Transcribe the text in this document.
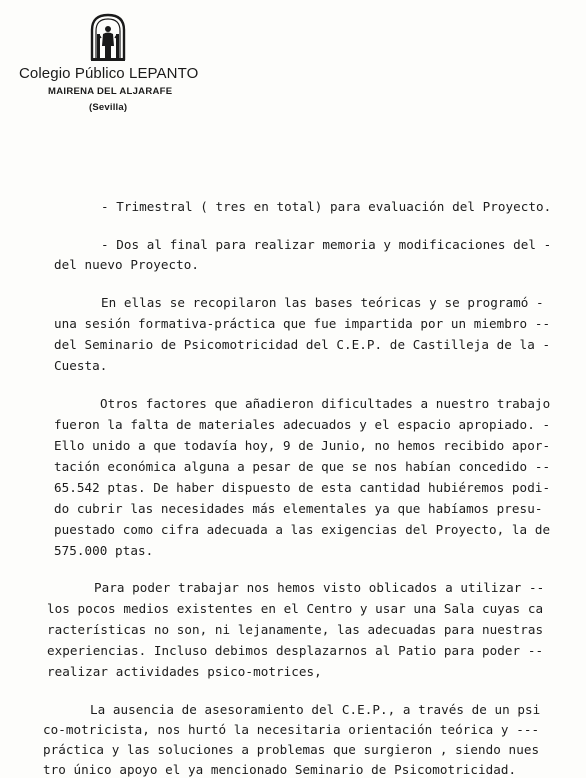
Colegio Público LEPANTO
MAIRENA DEL ALJARAFE
(Sevilla)
- Trimestral ( tres en total) para evaluación del Proyecto.
- Dos al final para realizar memoria y modificaciones del -
del nuevo Proyecto.
En ellas se recopilaron las bases teóricas y se programó -
una sesión formativa-práctica que fue impartida por un miembro --
del Seminario de Psicomotricidad del C.E.P. de Castilleja de la -
Cuesta.
Otros factores que añadieron dificultades a nuestro trabajo
fueron la falta de materiales adecuados y el espacio apropiado. -
Ello unido a que todavía hoy, 9 de Junio, no hemos recibido apor-
tación económica alguna a pesar de que se nos habían concedido --
65.542 ptas. De haber dispuesto de esta cantidad hubiéremos podi-
do cubrir las necesidades más elementales ya que habíamos presu-
puestado como cifra adecuada a las exigencias del Proyecto, la de
575.000 ptas.
Para poder trabajar nos hemos visto oblicados a utilizar --
los pocos medios existentes en el Centro y usar una Sala cuyas ca
racterísticas no son, ni lejanamente, las adecuadas para nuestras
experiencias. Incluso debimos desplazarnos al Patio para poder --
realizar actividades psico-motrices,
La ausencia de asesoramiento del C.E.P., a través de un psi
co-motricista, nos hurtó la necesitaria orientación teórica y ---
práctica y las soluciones a problemas que surgieron , siendo nues
tro único apoyo el ya mencionado Seminario de Psicomotricidad.
